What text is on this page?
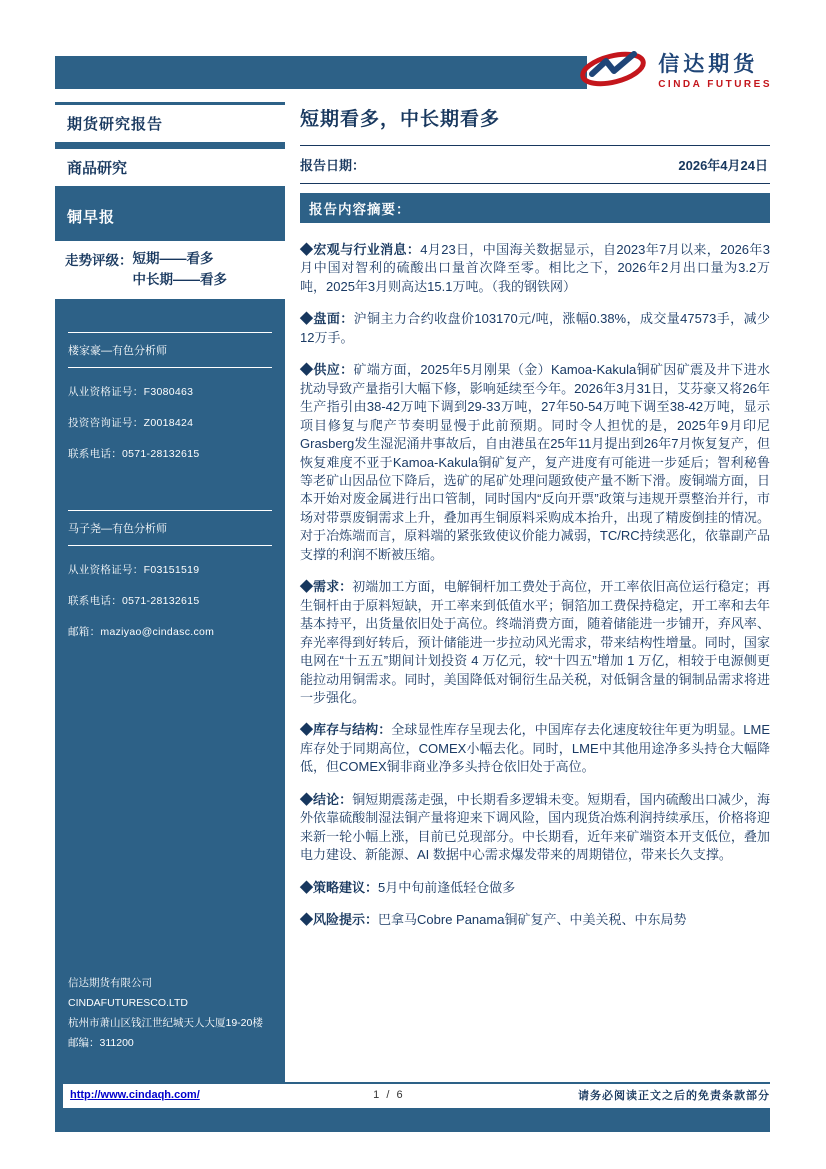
信达期货
CINDA FUTURES
期货研究报告
商品研究
铜早报
走势评级： 短期——看多
中长期——看多
楼家豪—有色分析师
从业资格证号：F3080463
投资咨询证号：Z0018424
联系电话：0571-28132615
马子尧—有色分析师
从业资格证号：F03151519
联系电话：0571-28132615
邮箱：maziyao@cindasc.com
信达期货有限公司
CINDAFUTURESCO.LTD
杭州市萧山区钱江世纪城天人大厦19-20楼
邮编：311200
短期看多，中长期看多
报告日期：	2026年4月24日
报告内容摘要：

◆宏观与行业消息：4月23日，中国海关数据显示，自2023年7月以来，2026年3月中国对智利的硫酸出口量首次降至零。相比之下，2026年2月出口量为3.2万吨，2025年3月则高达15.1万吨。（我的钢铁网）

◆盘面：沪铜主力合约收盘价103170元/吨，涨幅0.38%，成交量47573手，减少12万手。

◆供应：矿端方面，2025年5月刚果（金）Kamoa-Kakula铜矿因矿震及井下进水扰动导致产量指引大幅下修，影响延续至今年。2026年3月31日，艾芬豪又将26年生产指引由38-42万吨下调到29-33万吨，27年50-54万吨下调至38-42万吨，显示项目修复与爬产节奏明显慢于此前预期。同时令人担忧的是，2025年9月印尼Grasberg发生湿泥涌井事故后，自由港虽在25年11月提出到26年7月恢复复产，但恢复难度不亚于Kamoa-Kakula铜矿复产，复产进度有可能进一步延后；智利秘鲁等老矿山因品位下降后，选矿的尾矿处理问题致使产量不断下滑。废铜端方面，日本开始对废金属进行出口管制，同时国内“反向开票”政策与违规开票整治并行，市场对带票废铜需求上升，叠加再生铜原料采购成本抬升，出现了精废倒挂的情况。对于冶炼端而言，原料端的紧张致使议价能力减弱，TC/RC持续恶化，依靠副产品支撑的利润不断被压缩。

◆需求：初端加工方面，电解铜杆加工费处于高位，开工率依旧高位运行稳定；再生铜杆由于原料短缺，开工率来到低值水平；铜箔加工费保持稳定，开工率和去年基本持平，出货量依旧处于高位。终端消费方面，随着储能进一步铺开，弃风率、弃光率得到好转后，预计储能进一步拉动风光需求，带来结构性增量。同时，国家电网在“十五五”期间计划投资 4 万亿元，较“十四五”增加 1 万亿，相较于电源侧更能拉动用铜需求。同时，美国降低对铜衍生品关税，对低铜含量的铜制品需求将进一步强化。

◆库存与结构：全球显性库存呈现去化，中国库存去化速度较往年更为明显。LME库存处于同期高位，COMEX小幅去化。同时，LME中其他用途净多头持仓大幅降低，但COMEX铜非商业净多头持仓依旧处于高位。

◆结论：铜短期震荡走强，中长期看多逻辑未变。短期看，国内硫酸出口减少，海外依靠硫酸制湿法铜产量将迎来下调风险，国内现货冶炼利润持续承压，价格将迎来新一轮小幅上涨，目前已兑现部分。中长期看，近年来矿端资本开支低位，叠加电力建设、新能源、AI 数据中心需求爆发带来的周期错位，带来长久支撑。

◆策略建议：5月中旬前逢低轻仓做多

◆风险提示：巴拿马Cobre Panama铜矿复产、中美关税、中东局势

http://www.cindaqh.com/	1 / 6	请务必阅读正文之后的免责条款部分
